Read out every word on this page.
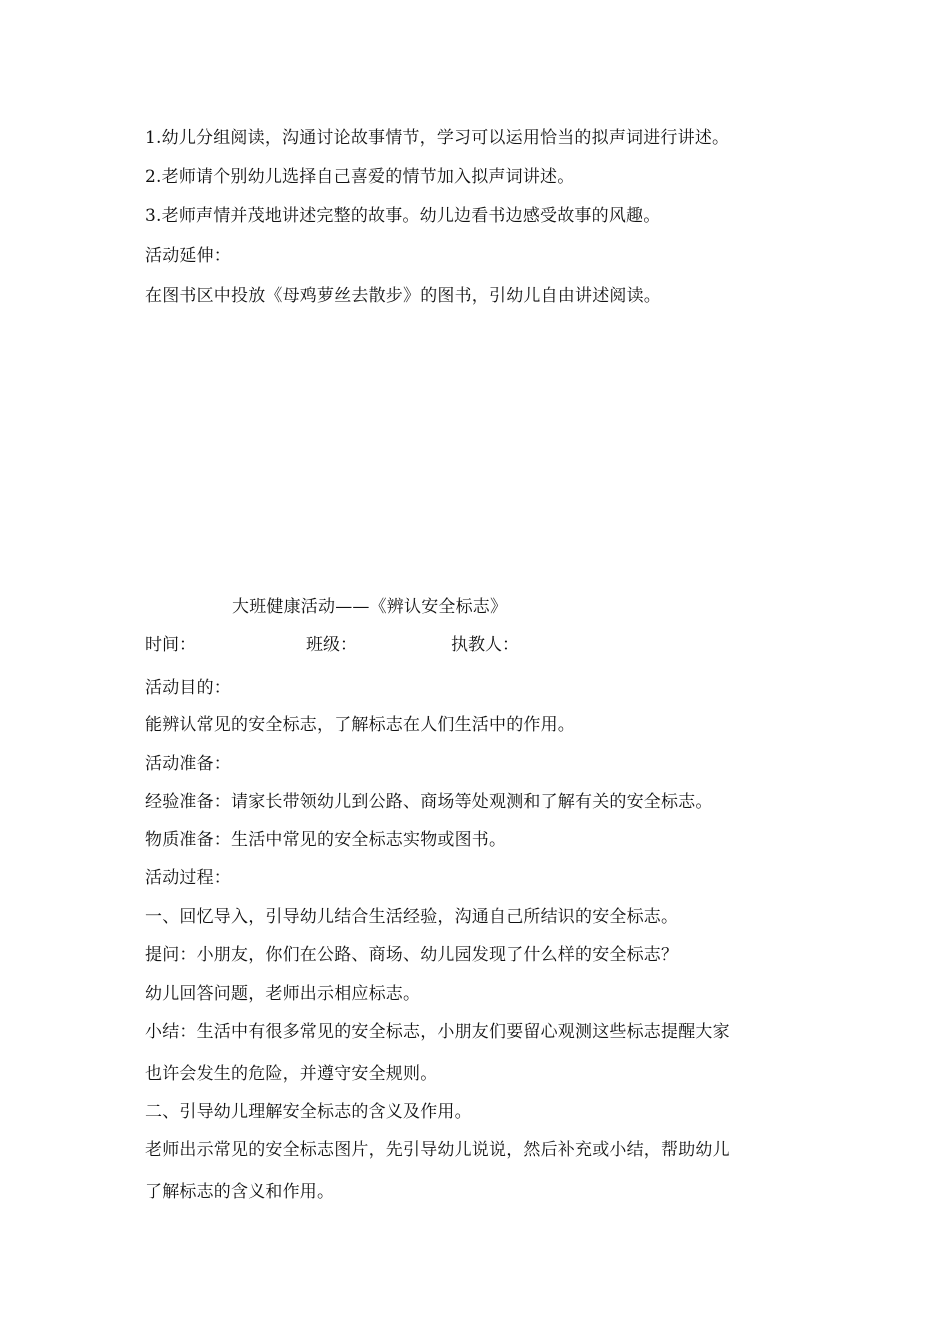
1.幼儿分组阅读，沟通讨论故事情节，学习可以运用恰当的拟声词进行讲述。
2.老师请个别幼儿选择自己喜爱的情节加入拟声词讲述。
3.老师声情并茂地讲述完整的故事。幼儿边看书边感受故事的风趣。
活动延伸：
在图书区中投放《母鸡萝丝去散步》的图书，引幼儿自由讲述阅读。
大班健康活动——《辨认安全标志》
时间：	班级：	执教人：
活动目的：
能辨认常见的安全标志，了解标志在人们生活中的作用。
活动准备：
经验准备：请家长带领幼儿到公路、商场等处观测和了解有关的安全标志。
物质准备：生活中常见的安全标志实物或图书。
活动过程：
一、回忆导入，引导幼儿结合生活经验，沟通自己所结识的安全标志。
提问：小朋友，你们在公路、商场、幼儿园发现了什么样的安全标志？
幼儿回答问题，老师出示相应标志。
小结：生活中有很多常见的安全标志，小朋友们要留心观测这些标志提醒大家
也许会发生的危险，并遵守安全规则。
二、引导幼儿理解安全标志的含义及作用。
老师出示常见的安全标志图片，先引导幼儿说说，然后补充或小结，帮助幼儿
了解标志的含义和作用。
